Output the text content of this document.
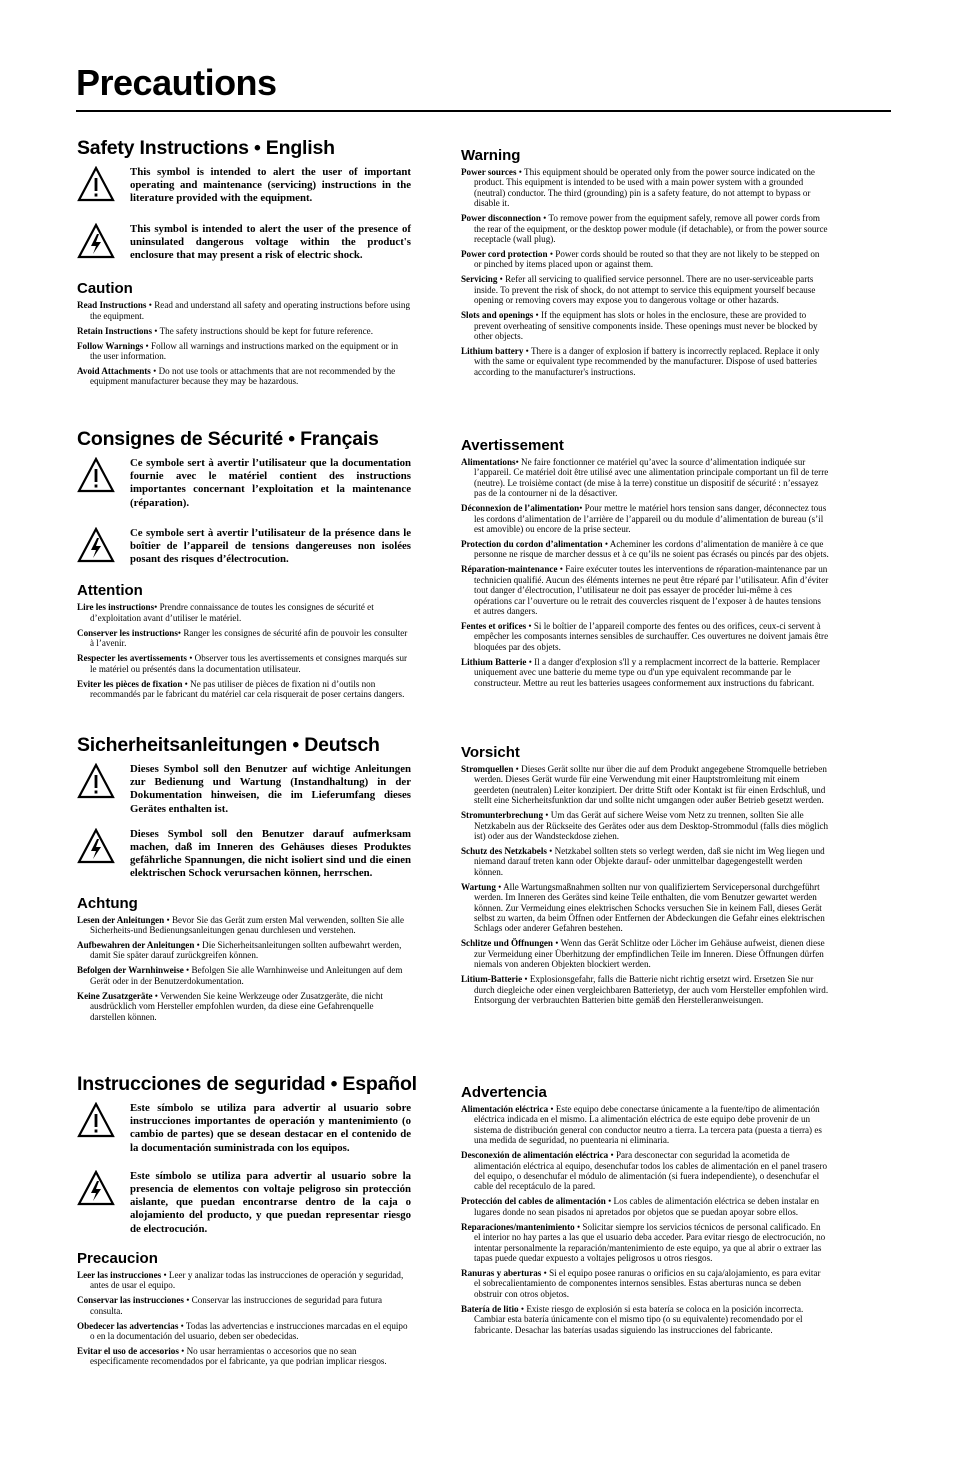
Precautions
Safety Instructions • English
This symbol is intended to alert the user of important operating and maintenance (servicing) instructions in the literature provided with the equipment.
This symbol is intended to alert the user of the presence of uninsulated dangerous voltage within the product's enclosure that may present a risk of electric shock.
Caution
Read Instructions • Read and understand all safety and operating instructions before using the equipment.
Retain Instructions • The safety instructions should be kept for future reference.
Follow Warnings • Follow all warnings and instructions marked on the equipment or in the user information.
Avoid Attachments • Do not use tools or attachments that are not recommended by the equipment manufacturer because they may be hazardous.
Consignes de Sécurité • Français
Ce symbole sert à avertir l’utilisateur que la documentation fournie avec le matériel contient des instructions importantes concernant l’exploitation et la maintenance (réparation).
Ce symbole sert à avertir l’utilisateur de la présence dans le boîtier de l’appareil de tensions dangereuses non isolées posant des risques d’électrocution.
Attention
Lire les instructions• Prendre connaissance de toutes les consignes de sécurité et d’exploitation avant d’utiliser le matériel.
Conserver les instructions• Ranger les consignes de sécurité afin de pouvoir les consulter à l’avenir.
Respecter les avertissements • Observer tous les avertissements et consignes marqués sur le matériel ou présentés dans la documentation utilisateur.
Eviter les pièces de fixation • Ne pas utiliser de pièces de fixation ni d’outils non recommandés par le fabricant du matériel car cela risquerait de poser certains dangers.
Sicherheitsanleitungen • Deutsch
Dieses Symbol soll den Benutzer auf wichtige Anleitungen zur Bedienung und Wartung (Instandhaltung) in der Dokumentation hinweisen, die im Lieferumfang dieses Gerätes enthalten ist.
Dieses Symbol soll den Benutzer darauf aufmerksam machen, daß im Inneren des Gehäuses dieses Produktes gefährliche Spannungen, die nicht isoliert sind und die einen elektrischen Schock verursachen können, herrschen.
Achtung
Lesen der Anleitungen • Bevor Sie das Gerät zum ersten Mal verwenden, sollten Sie alle Sicherheits-und Bedienungsanleitungen genau durchlesen und verstehen.
Aufbewahren der Anleitungen • Die Sicherheitsanleitungen sollten aufbewahrt werden, damit Sie später darauf zurückgreifen können.
Befolgen der Warnhinweise • Befolgen Sie alle Warnhinweise und Anleitungen auf dem Gerät oder in der Benutzerdokumentation.
Keine Zusatzgeräte • Verwenden Sie keine Werkzeuge oder Zusatzgeräte, die nicht ausdrücklich vom Hersteller empfohlen wurden, da diese eine Gefahrenquelle darstellen können.
Instrucciones de seguridad • Español
Este símbolo se utiliza para advertir al usuario sobre instrucciones importantes de operación y mantenimiento (o cambio de partes) que se desean destacar en el contenido de la documentación suministrada con los equipos.
Este símbolo se utiliza para advertir al usuario sobre la presencia de elementos con voltaje peligroso sin protección aislante, que puedan encontrarse dentro de la caja o alojamiento del producto, y que puedan representar riesgo de electrocución.
Precaucion
Leer las instrucciones • Leer y analizar todas las instrucciones de operación y seguridad, antes de usar el equipo.
Conservar las instrucciones • Conservar las instrucciones de seguridad para futura consulta.
Obedecer las advertencias • Todas las advertencias e instrucciones marcadas en el equipo o en la documentación del usuario, deben ser obedecidas.
Evitar el uso de accesorios • No usar herramientas o accesorios que no sean especificamente recomendados por el fabricante, ya que podrian implicar riesgos.
Warning
Power sources • This equipment should be operated only from the power source indicated on the product. This equipment is intended to be used with a main power system with a grounded (neutral) conductor. The third (grounding) pin is a safety feature, do not attempt to bypass or disable it.
Power disconnection • To remove power from the equipment safely, remove all power cords from the rear of the equipment, or the desktop power module (if detachable), or from the power source receptacle (wall plug).
Power cord protection • Power cords should be routed so that they are not likely to be stepped on or pinched by items placed upon or against them.
Servicing • Refer all servicing to qualified service personnel. There are no user-serviceable parts inside. To prevent the risk of shock, do not attempt to service this equipment yourself because opening or removing covers may expose you to dangerous voltage or other hazards.
Slots and openings • If the equipment has slots or holes in the enclosure, these are provided to prevent overheating of sensitive components inside. These openings must never be blocked by other objects.
Lithium battery • There is a danger of explosion if battery is incorrectly replaced. Replace it only with the same or equivalent type recommended by the manufacturer. Dispose of used batteries according to the manufacturer's instructions.
Avertissement
Alimentations• Ne faire fonctionner ce matériel qu’avec la source d’alimentation indiquée sur l’appareil. Ce matériel doit être utilisé avec une alimentation principale comportant un fil de terre (neutre). Le troisième contact (de mise à la terre) constitue un dispositif de sécurité : n’essayez pas de la contourner ni de la désactiver.
Déconnexion de l’alimentation• Pour mettre le matériel hors tension sans danger, déconnectez tous les cordons d’alimentation de l’arrière de l’appareil ou du module d’alimentation de bureau (s’il est amovible) ou encore de la prise secteur.
Protection du cordon d’alimentation • Acheminer les cordons d’alimentation de manière à ce que personne ne risque de marcher dessus et à ce qu’ils ne soient pas écrasés ou pincés par des objets.
Réparation-maintenance • Faire exécuter toutes les interventions de réparation-maintenance par un technicien qualifié. Aucun des éléments internes ne peut être réparé par l’utilisateur. Afin d’éviter tout danger d’électrocution, l’utilisateur ne doit pas essayer de procéder lui-même à ces opérations car l’ouverture ou le retrait des couvercles risquent de l’exposer à de hautes tensions et autres dangers.
Fentes et orifices • Si le boîtier de l’appareil comporte des fentes ou des orifices, ceux-ci servent à empêcher les composants internes sensibles de surchauffer. Ces ouvertures ne doivent jamais être bloquées par des objets.
Lithium Batterie • Il a danger d'explosion s'll y a remplacment incorrect de la batterie. Remplacer uniquement avec une batterie du meme type ou d'un ype equivalent recommande par le constructeur. Mettre au reut les batteries usagees conformement aux instructions du fabricant.
Vorsicht
Stromquellen • Dieses Gerät sollte nur über die auf dem Produkt angegebene Stromquelle betrieben werden. Dieses Gerät wurde für eine Verwendung mit einer Hauptstromleitung mit einem geerdeten (neutralen) Leiter konzipiert. Der dritte Stift oder Kontakt ist für einen Erdschluß, und stellt eine Sicherheitsfunktion dar und sollte nicht umgangen oder außer Betrieb gesetzt werden.
Stromunterbrechung • Um das Gerät auf sichere Weise vom Netz zu trennen, sollten Sie alle Netzkabeln aus der Rückseite des Gerätes oder aus dem Desktop-Strommodul (falls dies möglich ist) oder aus der Wandsteckdose ziehen.
Schutz des Netzkabels • Netzkabel sollten stets so verlegt werden, daß sie nicht im Weg liegen und niemand darauf treten kann oder Objekte darauf- oder unmittelbar dagegengestellt werden können.
Wartung • Alle Wartungsmaßnahmen sollten nur von qualifiziertem Servicepersonal durchgeführt werden. Im Inneren des Gerätes sind keine Teile enthalten, die vom Benutzer gewartet werden können. Zur Vermeidung eines elektrischen Schocks versuchen Sie in keinem Fall, dieses Gerät selbst zu warten, da beim Öffnen oder Entfernen der Abdeckungen die Gefahr eines elektrischen Schlags oder anderer Gefahren bestehen.
Schlitze und Öffnungen • Wenn das Gerät Schlitze oder Löcher im Gehäuse aufweist, dienen diese zur Vermeidung einer Überhitzung der empfindlichen Teile im Inneren. Diese Öffnungen dürfen niemals von anderen Objekten blockiert werden.
Litium-Batterie • Explosionsgefahr, falls die Batterie nicht richtig ersetzt wird. Ersetzen Sie nur durch diegleiche oder einen vergleichbaren Batterietyp, der auch vom Hersteller empfohlen wird. Entsorgung der verbrauchten Batterien bitte gemäß den Herstelleranweisungen.
Advertencia
Alimentación eléctrica • Este equipo debe conectarse únicamente a la fuente/tipo de alimentación eléctrica indicada en el mismo. La alimentación eléctrica de este equipo debe provenir de un sistema de distribución general con conductor neutro a tierra. La tercera pata (puesta a tierra) es una medida de seguridad, no puentearia ni eliminaria.
Desconexión de alimentación eléctrica • Para desconectar con seguridad la acometida de alimentación eléctrica al equipo, desenchufar todos los cables de alimentación en el panel trasero del equipo, o desenchufar el módulo de alimentación (si fuera independiente), o desenchufar el cable del receptáculo de la pared.
Protección del cables de alimentación • Los cables de alimentación eléctrica se deben instalar en lugares donde no sean pisados ni apretados por objetos que se puedan apoyar sobre ellos.
Reparaciones/mantenimiento • Solicitar siempre los servicios técnicos de personal calificado. En el interior no hay partes a las que el usuario deba acceder. Para evitar riesgo de electrocución, no intentar personalmente la reparación/mantenimiento de este equipo, ya que al abrir o extraer las tapas puede quedar expuesto a voltajes peligrosos u otros riesgos.
Ranuras y aberturas • Si el equipo posee ranuras o orificios en su caja/alojamiento, es para evitar el sobrecalientamiento de componentes internos sensibles. Estas aberturas nunca se deben obstruir con otros objetos.
Batería de litio • Existe riesgo de explosión si esta batería se coloca en la posición incorrecta. Cambiar esta batería únicamente con el mismo tipo (o su equivalente) recomendado por el fabricante. Desachar las baterías usadas siguiendo las instrucciones del fabricante.
